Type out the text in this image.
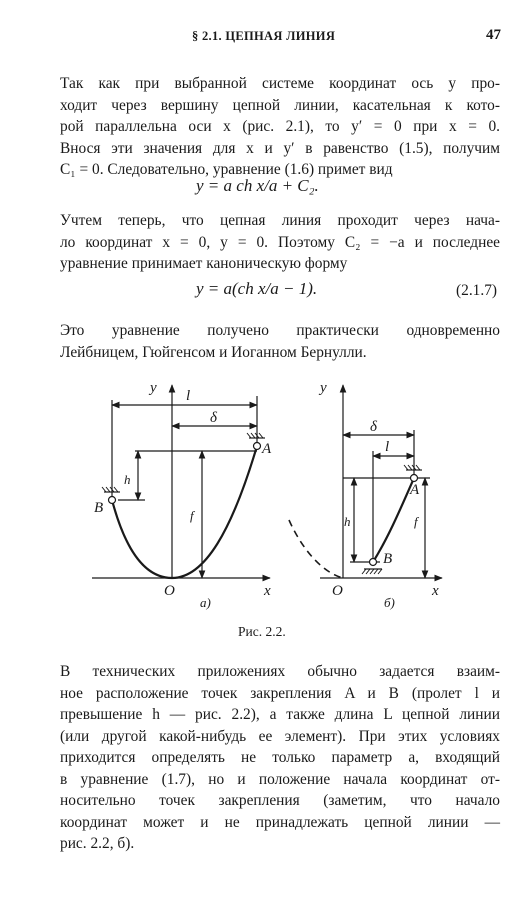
§ 2.1. ЦЕПНАЯ ЛИНИЯ	47
Так как при выбранной системе координат ось y про-
ходит через вершину цепной линии, касательная к кото-
рой параллельна оси x (рис. 2.1), то y′ = 0 при x = 0.
Внося эти значения для x и y′ в равенство (1.5), получим
C₁ = 0. Следовательно, уравнение (1.6) примет вид
y = a ch x/a + C₂.
Учтем теперь, что цепная линия проходит через нача-
ло координат x = 0, y = 0. Поэтому C₂ = −a и последнее
уравнение принимает каноническую форму
y = a(ch x/a − 1).	(2.1.7)
Это уравнение получено практически одновременно
Лейбницем, Гюйгенсом и Иоганном Бернулли.
y
x
O
A
B
l
δ
h
f
а)
y
x
O
A
B
l
δ
h	f
б)
Рис. 2.2.
В технических приложениях обычно задается взаим-
ное расположение точек закрепления A и B (пролет l и
превышение h — рис. 2.2), а также длина L цепной линии
(или другой какой-нибудь ее элемент). При этих условиях
приходится определять не только параметр a, входящий
в уравнение (1.7), но и положение начала координат от-
носительно точек закрепления (заметим, что начало
координат может и не принадлежать цепной линии —
рис. 2.2, б).
